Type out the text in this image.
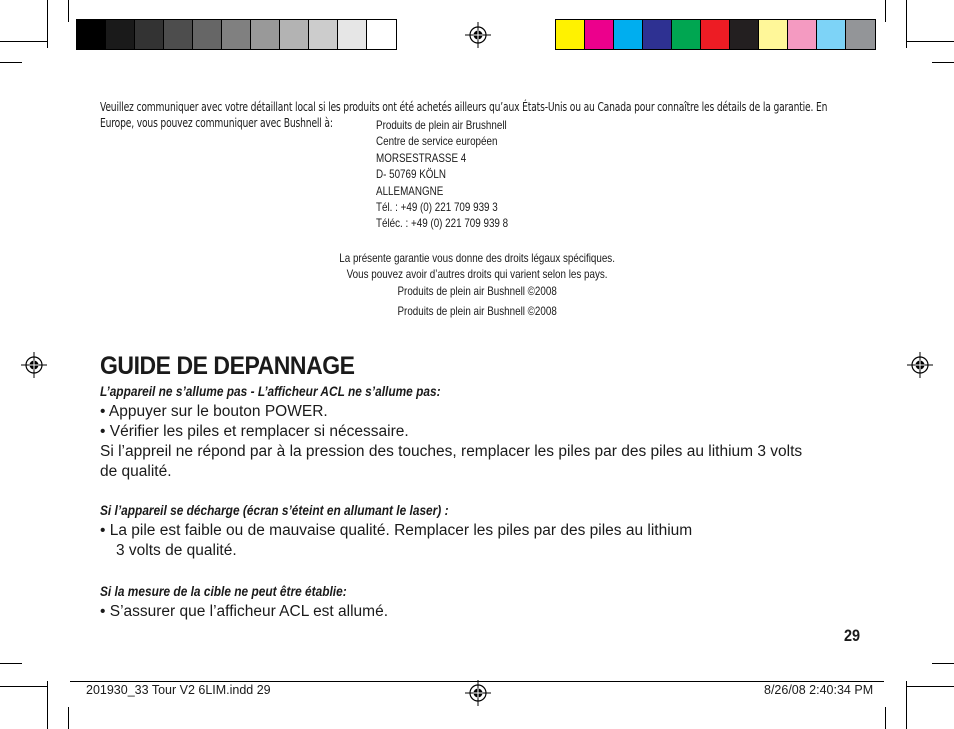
Veuillez communiquer avec votre détaillant local si les produits ont été achetés ailleurs qu’aux États-Unis ou au Canada pour connaître les détails de la garantie. En
Europe, vous pouvez communiquer avec Bushnell à:	Produits de plein air Brushnell
Centre de service européen
MORSESTRASSE 4
D- 50769 KÖLN
ALLEMANGNE
Tél. : +49 (0) 221 709 939 3
Téléc. : +49 (0) 221 709 939 8
La présente garantie vous donne des droits légaux spécifiques.
Vous pouvez avoir d’autres droits qui varient selon les pays.
Produits de plein air Bushnell ©2008
Produits de plein air Bushnell ©2008
GUIDE DE DEPANNAGE
L’appareil ne s’allume pas - L’afficheur ACL ne s’allume pas:
• Appuyer sur le bouton POWER.
• Vérifier les piles et remplacer si nécessaire.
Si l’appreil ne répond par à la pression des touches, remplacer les piles par des piles au lithium 3 volts
de qualité.
Si l’appareil se décharge (écran s’éteint en allumant le laser) :
• La pile est faible ou de mauvaise qualité. Remplacer les piles par des piles au lithium
3 volts de qualité.
Si la mesure de la cible ne peut être établie:
• S’assurer que l’afficheur ACL est allumé.
29
201930_33 Tour V2 6LIM.indd 29	8/26/08 2:40:34 PM
